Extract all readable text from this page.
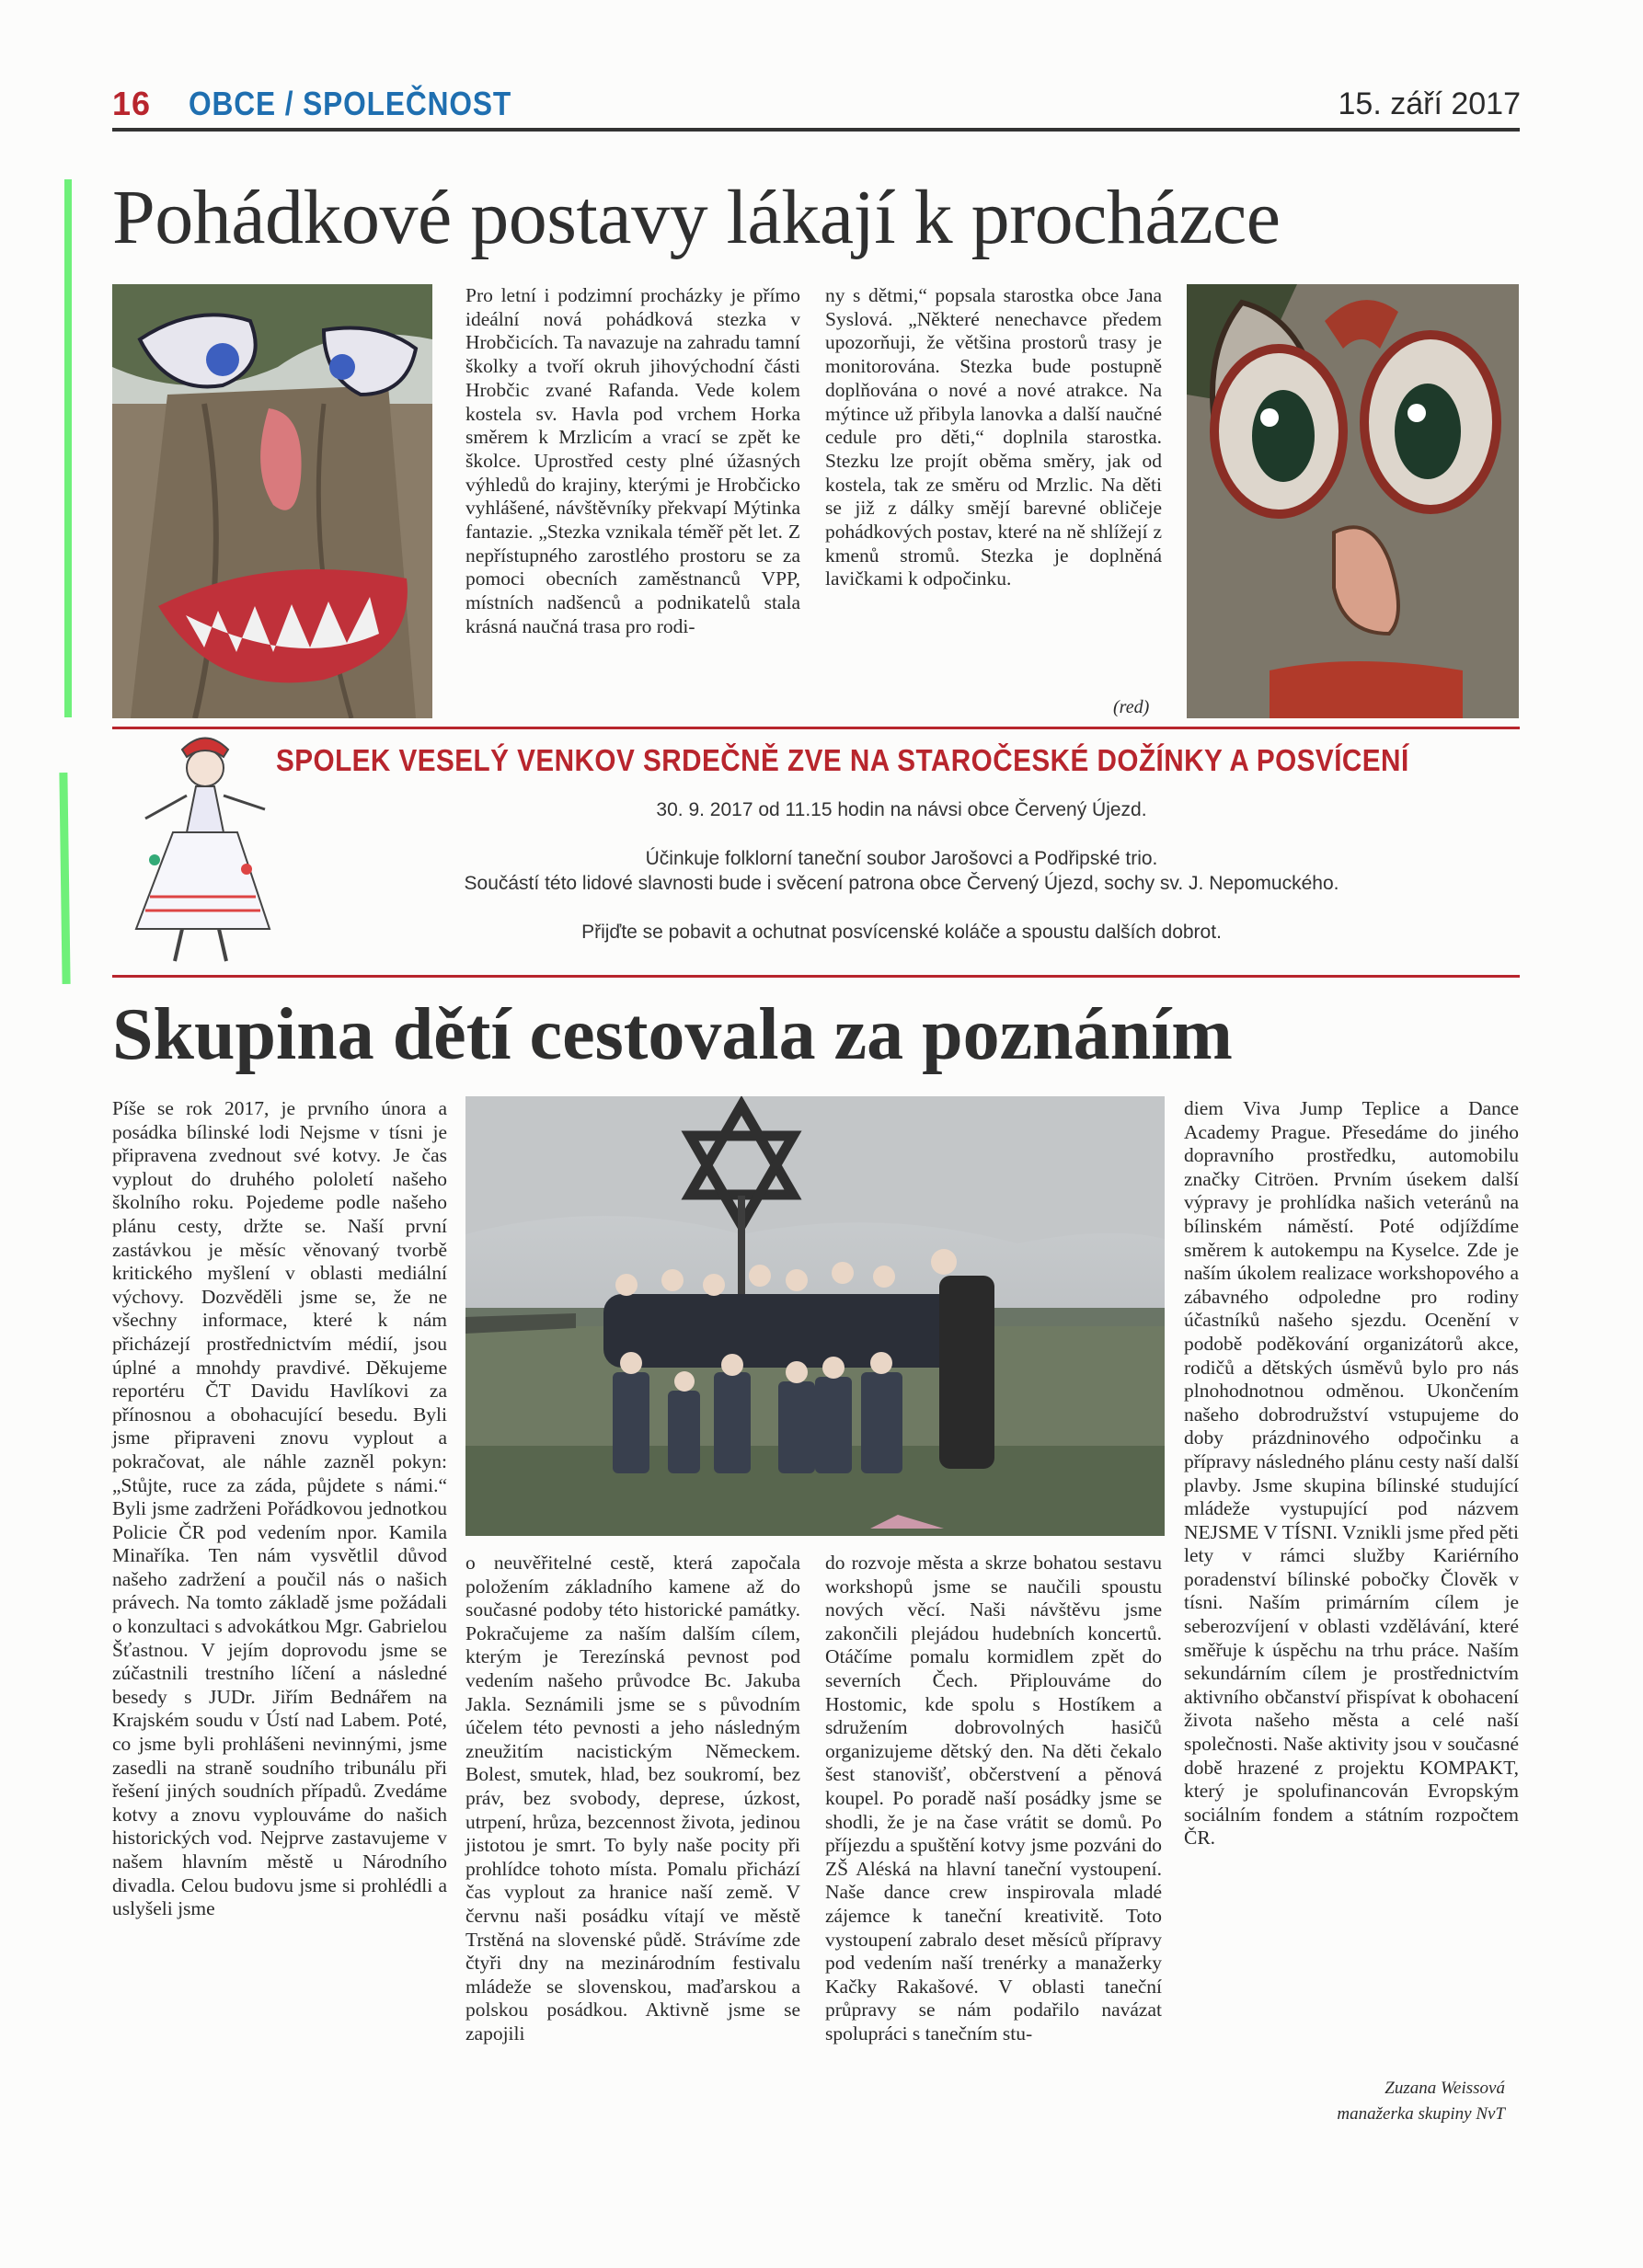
16 OBCE / SPOLEČNOST	15. září 2017
Pohádkové postavy lákají k procházce

Pro letní i podzimní procházky je přímo ideální nová pohádková stezka v Hrobčicích. Ta navazuje na zahradu tamní školky a tvoří okruh jihovýchodní části Hrobčic zvané Rafanda. Vede kolem kostela sv. Havla pod vrchem Horka směrem k Mrzlicím a vrací se zpět ke školce. Uprostřed cesty plné úžasných výhledů do krajiny, kterými je Hrobčicko vyhlášené, návštěvníky překvapí Mýtinka fantazie. „Stezka vznikala téměř pět let. Z nepřístupného zarostlého prostoru se za pomoci obecních zaměstnanců VPP, místních nadšenců a podnikatelů stala krásná naučná trasa pro rodi-

ny s dětmi,“ popsala starostka obce Jana Syslová. „Některé nenechavce předem upozorňuji, že většina prostorů trasy je monitorována. Stezka bude postupně doplňována o nové a nové atrakce. Na mýtince už přibyla lanovka a další naučné cedule pro děti,“ doplnila starostka. Stezku lze projít oběma směry, jak od kostela, tak ze směru od Mrzlic. Na děti se již z dálky smějí barevné obličeje pohádkových postav, které na ně shlížejí z kmenů stromů. Stezka je doplněná lavičkami k odpočinku.

(red)
SPOLEK VESELÝ VENKOV SRDEČNĚ ZVE NA STAROČESKÉ DOŽÍNKY A POSVÍCENÍ
30. 9. 2017 od 11.15 hodin na návsi obce Červený Újezd.
Účinkuje folklorní taneční soubor Jarošovci a Podřipské trio.
Součástí této lidové slavnosti bude i svěcení patrona obce Červený Újezd, sochy sv. J. Nepomuckého.
Přijďte se pobavit a ochutnat posvícenské koláče a spoustu dalších dobrot.
Skupina dětí cestovala za poznáním

Píše se rok 2017, je prvního února a posádka bílinské lodi Nejsme v tísni je připravena zvednout své kotvy. Je čas vyplout do druhého pololetí našeho školního roku. Pojedeme podle našeho plánu cesty, držte se. Naší první zastávkou je měsíc věnovaný tvorbě kritického myšlení v oblasti mediální výchovy. Dozvěděli jsme se, že ne všechny informace, které k nám přicházejí prostřednictvím médií, jsou úplné a mnohdy pravdivé. Děkujeme reportéru ČT Davidu Havlíkovi za přínosnou a obohacující besedu. Byli jsme připraveni znovu vyplout a pokračovat, ale náhle zazněl pokyn: „Stůjte, ruce za záda, půjdete s námi.“ Byli jsme zadrženi Pořádkovou jednotkou Policie ČR pod vedením npor. Kamila Minaříka. Ten nám vysvětlil důvod našeho zadržení a poučil nás o našich právech. Na tomto základě jsme požádali o konzultaci s advokátkou Mgr. Gabrielou Šťastnou. V jejím doprovodu jsme se zúčastnili trestního líčení a následné besedy s JUDr. Jiřím Bednářem na Krajském soudu v Ústí nad Labem. Poté, co jsme byli prohlášeni nevinnými, jsme zasedli na straně soudního tribunálu při řešení jiných soudních případů. Zvedáme kotvy a znovu vyplouváme do našich historických vod. Nejprve zastavujeme v našem hlavním městě u Národního divadla. Celou budovu jsme si prohlédli a uslyšeli jsme

o neuvěřitelné cestě, která započala položením základního kamene až do současné podoby této historické památky. Pokračujeme za naším dalším cílem, kterým je Terezínská pevnost pod vedením našeho průvodce Bc. Jakuba Jakla. Seznámili jsme se s původním účelem této pevnosti a jeho následným zneužitím nacistickým Německem. Bolest, smutek, hlad, bez soukromí, bez práv, bez svobody, deprese, úzkost, utrpení, hrůza, bezcennost života, jedinou jistotou je smrt. To byly naše pocity při prohlídce tohoto místa. Pomalu přichází čas vyplout za hranice naší země. V červnu naši posádku vítají ve městě Trstěná na slovenské půdě. Strávíme zde čtyři dny na mezinárodním festivalu mládeže se slovenskou, maďarskou a polskou posádkou. Aktivně jsme se zapojili

do rozvoje města a skrze bohatou sestavu workshopů jsme se naučili spoustu nových věcí. Naši návštěvu jsme zakončili plejádou hudebních koncertů. Otáčíme pomalu kormidlem zpět do severních Čech. Připlouváme do Hostomic, kde spolu s Hostíkem a sdružením dobrovolných hasičů organizujeme dětský den. Na děti čekalo šest stanovišť, občerstvení a pěnová koupel. Po poradě naší posádky jsme se shodli, že je na čase vrátit se domů. Po příjezdu a spuštění kotvy jsme pozváni do ZŠ Aléská na hlavní taneční vystoupení. Naše dance crew inspirovala mladé zájemce k taneční kreativitě. Toto vystoupení zabralo deset měsíců přípravy pod vedením naší trenérky a manažerky Kačky Rakašové. V oblasti taneční průpravy se nám podařilo navázat spolupráci s tanečním stu-

diem Viva Jump Teplice a Dance Academy Prague. Přesedáme do jiného dopravního prostředku, automobilu značky Citröen. Prvním úsekem další výpravy je prohlídka našich veteránů na bílinském náměstí. Poté odjíždíme směrem k autokempu na Kyselce. Zde je naším úkolem realizace workshopového a zábavného odpoledne pro rodiny účastníků našeho sjezdu. Ocenění v podobě poděkování organizátorů akce, rodičů a dětských úsměvů bylo pro nás plnohodnotnou odměnou. Ukončením našeho dobrodružství vstupujeme do doby prázdninového odpočinku a přípravy následného plánu cesty naší další plavby. Jsme skupina bílinské studující mládeže vystupující pod názvem NEJSME V TÍSNI. Vznikli jsme před pěti lety v rámci služby Kariérního poradenství bílinské pobočky Člověk v tísni. Naším primárním cílem je seberozvíjení v oblasti vzdělávání, které směřuje k úspěchu na trhu práce. Naším sekundárním cílem je prostřednictvím aktivního občanství přispívat k obohacení života našeho města a celé naší společnosti. Naše aktivity jsou v současné době hrazené z projektu KOMPAKT, který je spolufinancován Evropským sociálním fondem a státním rozpočtem ČR.

Zuzana Weissová
manažerka skupiny NvT
